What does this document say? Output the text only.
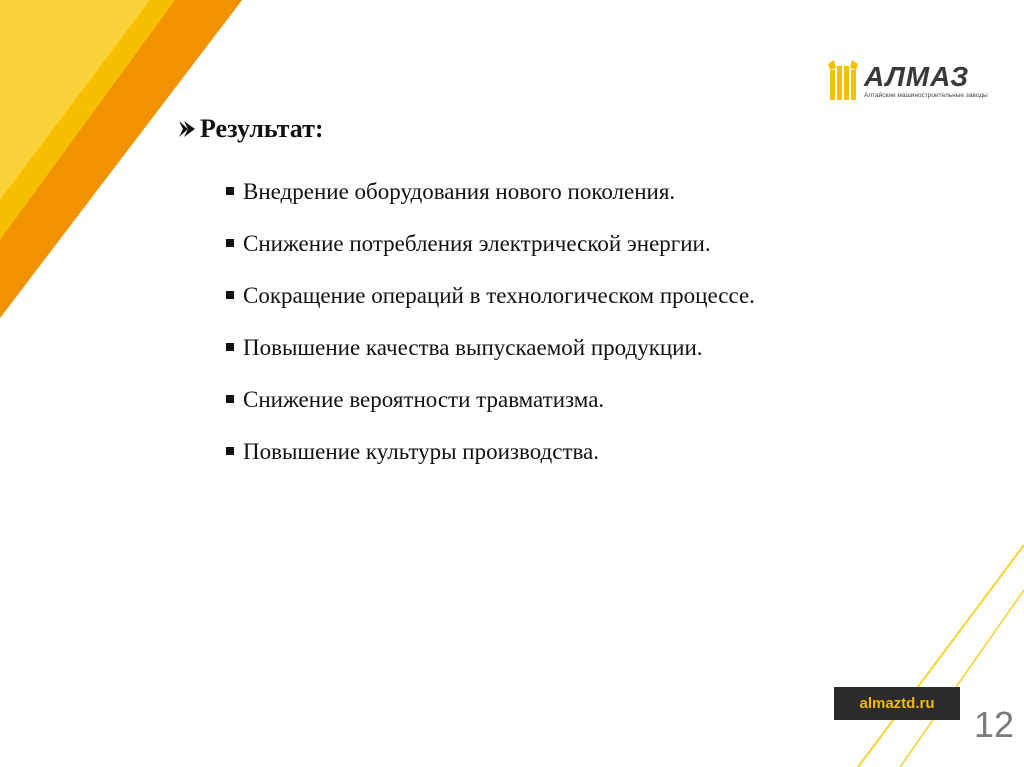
АЛМАЗ
Алтайские машиностроительные заводы
Результат:
Внедрение оборудования нового поколения.
Снижение потребления электрической энергии.
Сокращение операций в технологическом процессе.
Повышение качества выпускаемой продукции.
Снижение вероятности травматизма.
Повышение культуры производства.
almaztd.ru
12
